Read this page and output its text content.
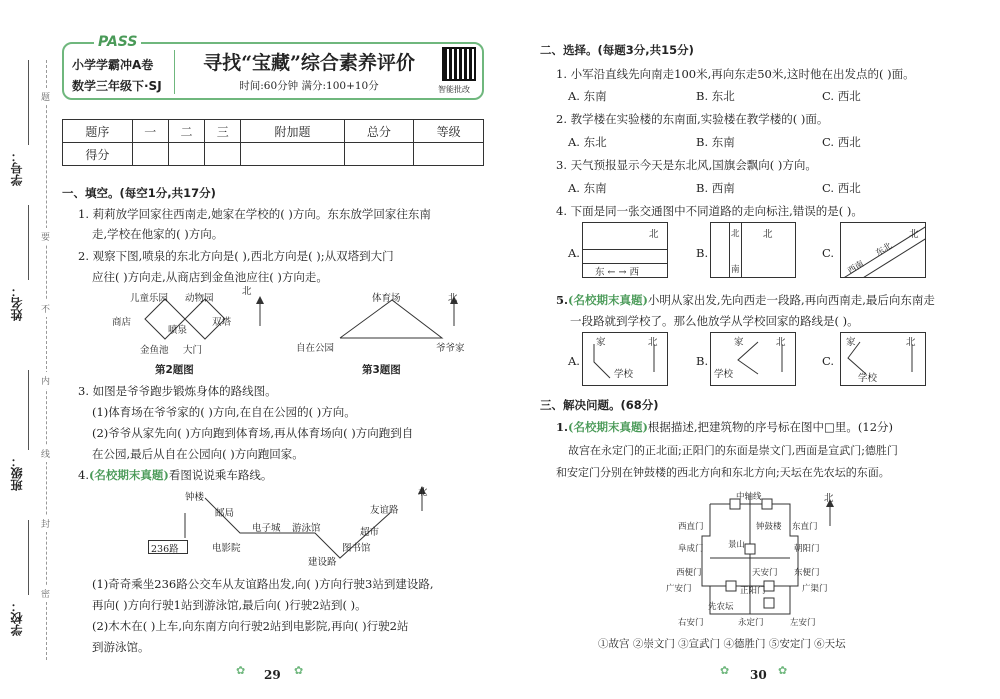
学号：
姓名：
班级：
学校：
题
要
不
内
线
封
密
PASS
小学学霸冲A卷
数学三年级下·SJ
寻找“宝藏”综合素养评价
时间:60分钟 满分:100+10分	智能批改
题序	一	二	三	附加题	总分	等级
得分						
一、填空。(每空1分,共17分)
1. 莉莉放学回家往西南走,她家在学校的( )方向。东东放学回家往东南
走,学校在他家的( )方向。
2. 观察下图,喷泉的东北方向是( ),西北方向是( );从双塔到大门
应往( )方向走,从商店到金鱼池应往( )方向走。
儿童乐园 动物园
商店
喷泉
双塔
金鱼池 大门
北
第2题图
体育场
自在公园	爷爷家
北
第3题图
3. 如图是爷爷跑步锻炼身体的路线图。
(1)体育场在爷爷家的( )方向,在自在公园的( )方向。
(2)爷爷从家先向( )方向跑到体育场,再从体育场向( )方向跑到自
在公园,最后从自在公园向( )方向跑回家。
4.(名校期末真题)看图说说乘车路线。
236路
钟楼
邮局
电子城 游泳馆
友谊路
超市
电影院	图书馆
建设路
北
(1)奇奇乘坐236路公交车从友谊路出发,向( )方向行驶3站到建设路,
再向( )方向行驶1站到游泳馆,最后向( )行驶2站到( )。
(2)木木在( )上车,向东南方向行驶2站到电影院,再向( )行驶2站
到游泳馆。
✿ 29 ✿
二、选择。(每题3分,共15分)
1. 小军沿直线先向南走100米,再向东走50米,这时他在出发点的( )面。
A. 东南	B. 东北	C. 西北
2. 教学楼在实验楼的东南面,实验楼在教学楼的( )面。
A. 东北	B. 东南	C. 西北
3. 天气预报显示今天是东北风,国旗会飘向( )方向。
A. 东南	B. 西南	C. 西北
4. 下面是同一张交通图中不同道路的走向标注,错误的是( )。
A.	B.	C.
东 ← → 西
北	北
南
北
西南
东北
北
5.(名校期末真题)小明从家出发,先向西走一段路,再向西南走,最后向东南走
一段路就到学校了。那么他放学从学校回家的路线是( )。
A.	B.	C.
家
学校
北	家
学校
北	家
学校
北
三、解决问题。(68分)
1.(名校期末真题)根据描述,把建筑物的序号标在图中□里。(12分)
故宫在永定门的正北面;正阳门的东面是崇文门,西面是宣武门;德胜门
和安定门分别在钟鼓楼的西北方向和东北方向;天坛在先农坛的东面。
中轴线
西直门	钟鼓楼 东直门
阜成门	景山	朝阳门
天安门
西便门	东便门
广安门	正阳门	广渠门
先农坛
右安门	永定门	左安门
北
①故宫 ②崇文门 ③宣武门 ④德胜门 ⑤安定门 ⑥天坛
✿ 30 ✿
